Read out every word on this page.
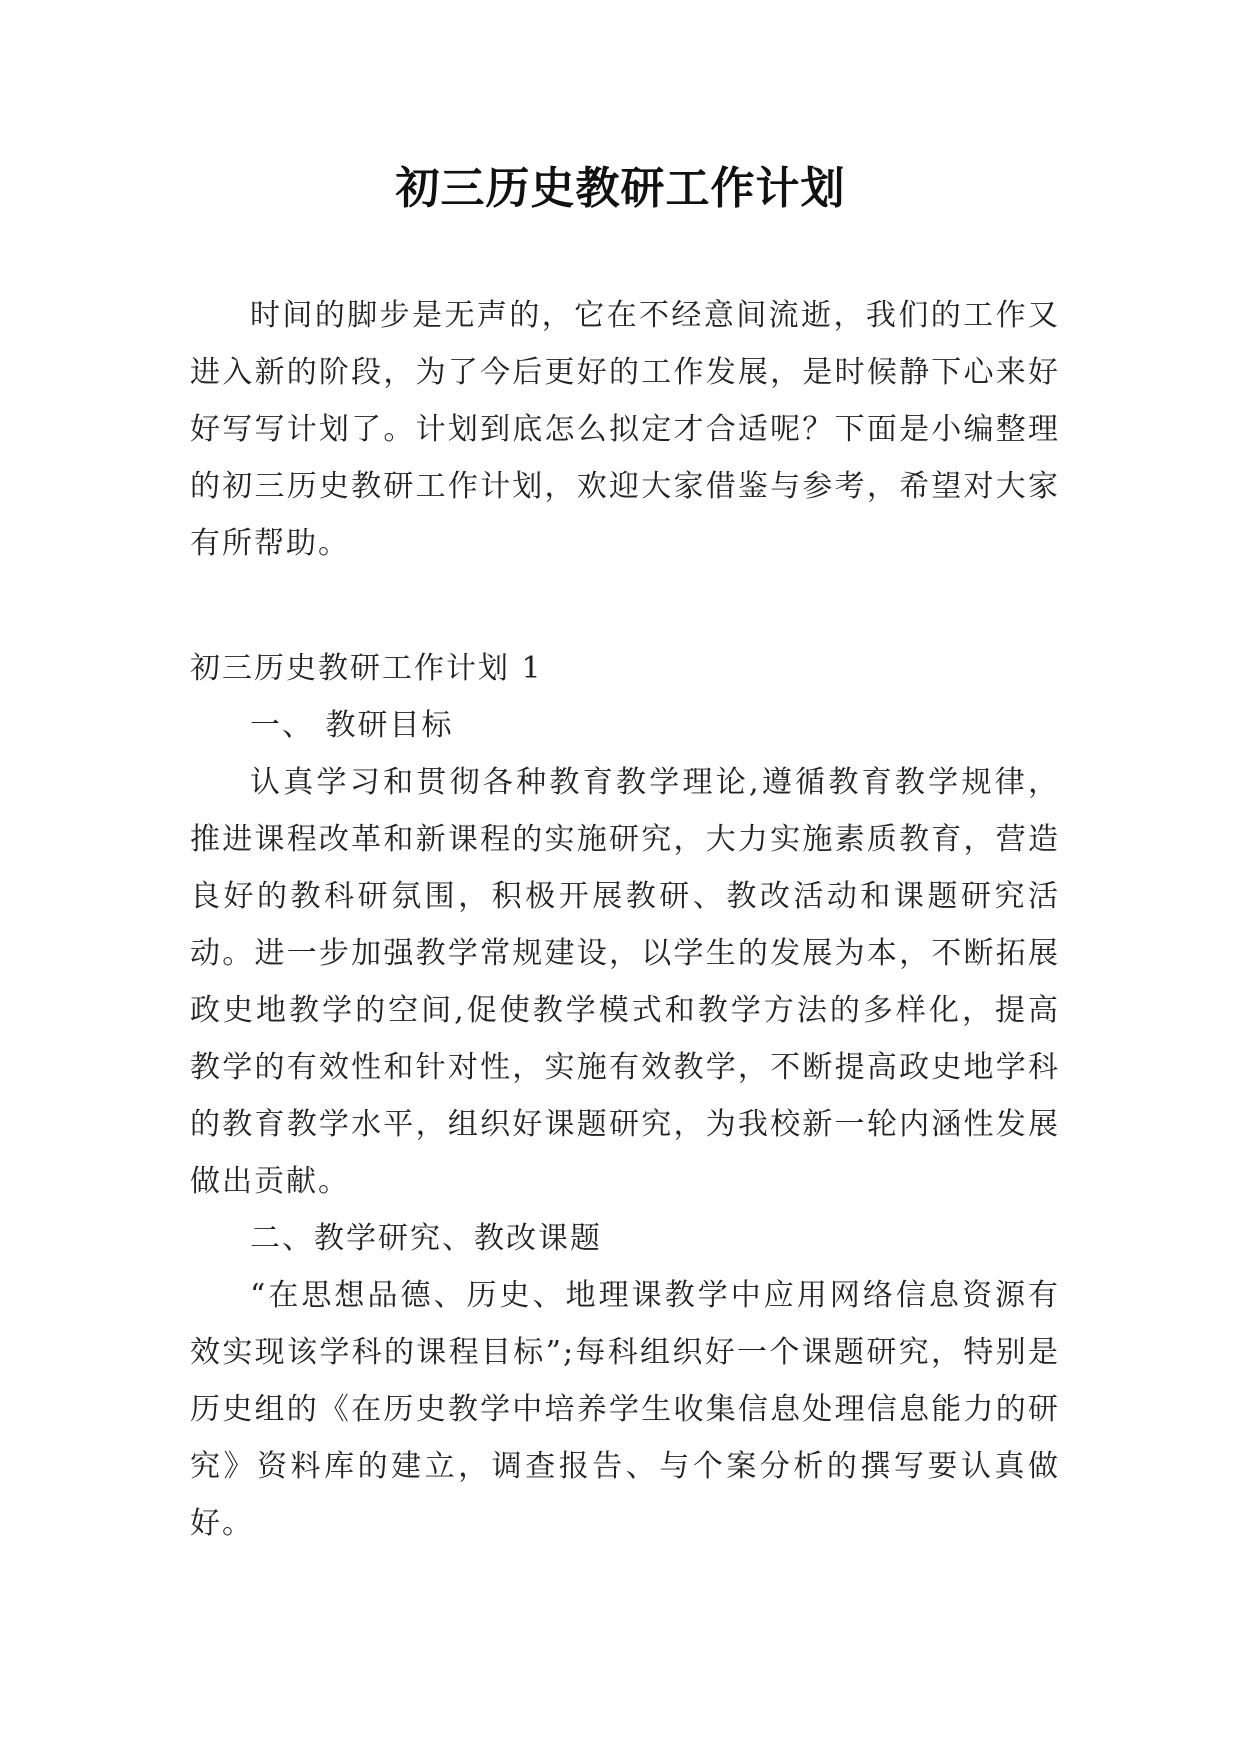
初三历史教研工作计划

时间的脚步是无声的，它在不经意间流逝，我们的工作又进入新的阶段，为了今后更好的工作发展，是时候静下心来好好写写计划了。计划到底怎么拟定才合适呢？下面是小编整理的初三历史教研工作计划，欢迎大家借鉴与参考，希望对大家有所帮助。

初三历史教研工作计划 1

一、 教研目标

认真学习和贯彻各种教育教学理论,遵循教育教学规律，推进课程改革和新课程的实施研究，大力实施素质教育，营造良好的教科研氛围，积极开展教研、教改活动和课题研究活动。进一步加强教学常规建设，以学生的发展为本，不断拓展政史地教学的空间,促使教学模式和教学方法的多样化，提高教学的有效性和针对性，实施有效教学，不断提高政史地学科的教育教学水平，组织好课题研究，为我校新一轮内涵性发展做出贡献。

二、教学研究、教改课题

“在思想品德、历史、地理课教学中应用网络信息资源有效实现该学科的课程目标”;每科组织好一个课题研究，特别是历史组的《在历史教学中培养学生收集信息处理信息能力的研究》资料库的建立，调查报告、与个案分析的撰写要认真做好。
